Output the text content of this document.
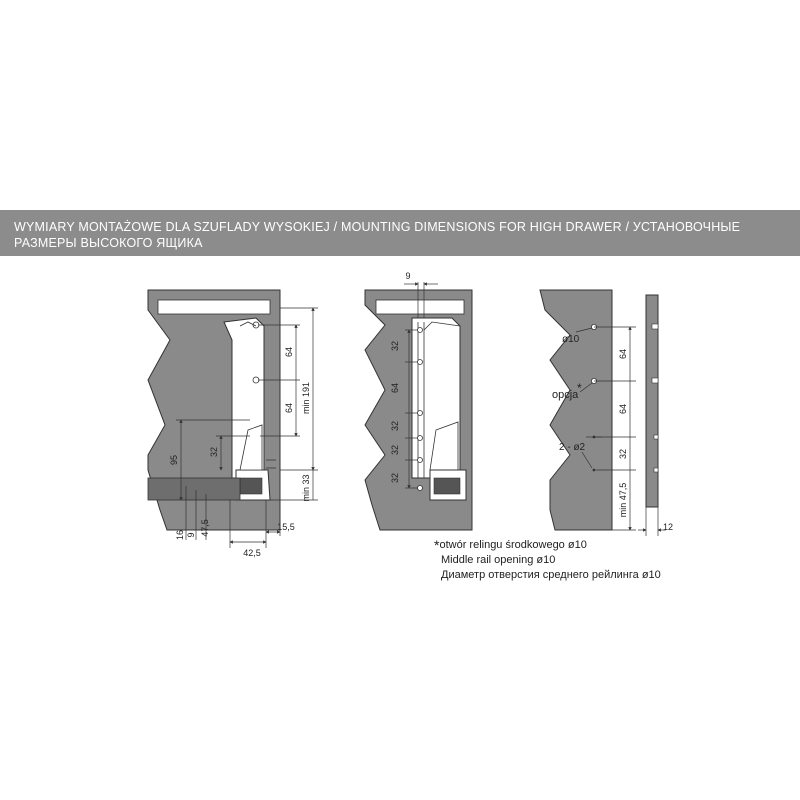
WYMIARY MONTAŻOWE DLA SZUFLADY WYSOKIEJ / MOUNTING DIMENSIONS FOR HIGH DRAWER / УСТАНОВОЧНЫЕ РАЗМЕРЫ ВЫСОКОГО ЯЩИКА
64
64 min 191
min 33
32
95
16 9 47,5
42,5
15,5
9
32
64
32
32
32
ø10
opcja
*
2 - ø2
64
64
32
min 47,5
12
*otwór relingu środkowego ø10
Middle rail opening ø10
Диаметр отверстия среднего рейлинга ø10
